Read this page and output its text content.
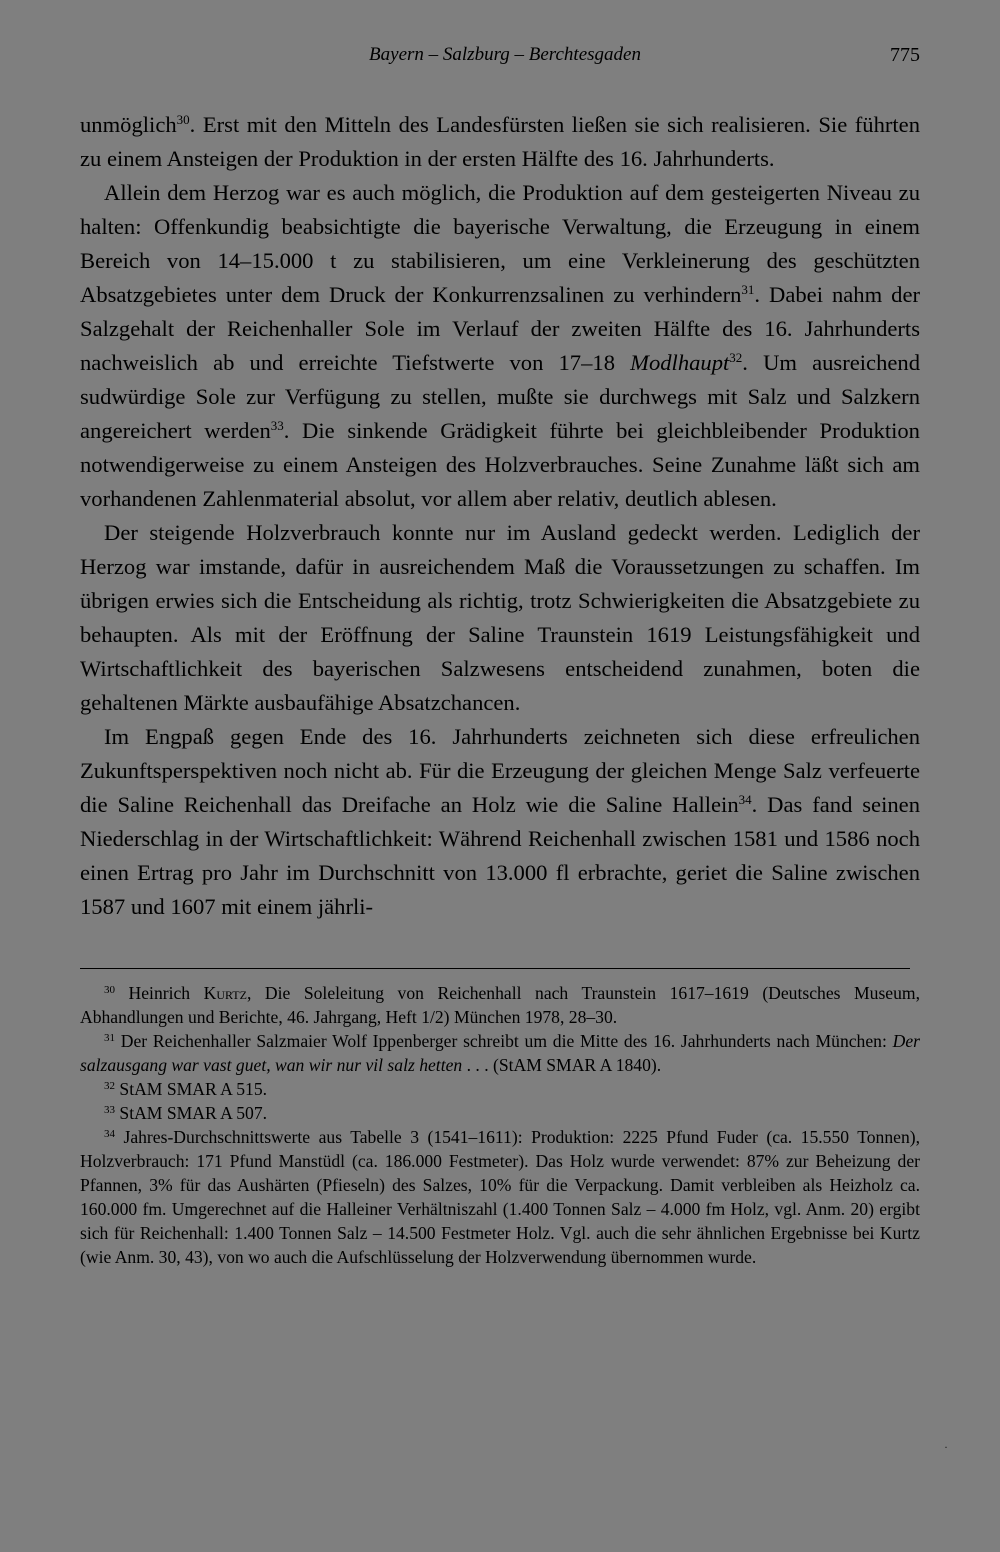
Bayern – Salzburg – Berchtesgaden	775

unmöglich$^{30}$. Erst mit den Mitteln des Landesfürsten ließen sie sich realisieren. Sie führten zu einem Ansteigen der Produktion in der ersten Hälfte des 16. Jahrhunderts.

Allein dem Herzog war es auch möglich, die Produktion auf dem gesteigerten Niveau zu halten: Offenkundig beabsichtigte die bayerische Verwaltung, die Erzeugung in einem Bereich von 14–15.000 t zu stabilisieren, um eine Verkleinerung des geschützten Absatzgebietes unter dem Druck der Konkurrenzsalinen zu verhindern$^{31}$. Dabei nahm der Salzgehalt der Reichenhaller Sole im Verlauf der zweiten Hälfte des 16. Jahrhunderts nachweislich ab und erreichte Tiefstwerte von 17–18 Modlhaupt$^{32}$. Um ausreichend sudwürdige Sole zur Verfügung zu stellen, mußte sie durchwegs mit Salz und Salzkern angereichert werden$^{33}$. Die sinkende Grädigkeit führte bei gleichbleibender Produktion notwendigerweise zu einem Ansteigen des Holzverbrauches. Seine Zunahme läßt sich am vorhandenen Zahlenmaterial absolut, vor allem aber relativ, deutlich ablesen.

Der steigende Holzverbrauch konnte nur im Ausland gedeckt werden. Lediglich der Herzog war imstande, dafür in ausreichendem Maß die Voraussetzungen zu schaffen. Im übrigen erwies sich die Entscheidung als richtig, trotz Schwierigkeiten die Absatzgebiete zu behaupten. Als mit der Eröffnung der Saline Traunstein 1619 Leistungsfähigkeit und Wirtschaftlichkeit des bayerischen Salzwesens entscheidend zunahmen, boten die gehaltenen Märkte ausbaufähige Absatzchancen.

Im Engpaß gegen Ende des 16. Jahrhunderts zeichneten sich diese erfreulichen Zukunftsperspektiven noch nicht ab. Für die Erzeugung der gleichen Menge Salz verfeuerte die Saline Reichenhall das Dreifache an Holz wie die Saline Hallein$^{34}$. Das fand seinen Niederschlag in der Wirtschaftlichkeit: Während Reichenhall zwischen 1581 und 1586 noch einen Ertrag pro Jahr im Durchschnitt von 13.000 fl erbrachte, geriet die Saline zwischen 1587 und 1607 mit einem jährli-

$^{30}$ Heinrich Kurtz, Die Soleleitung von Reichenhall nach Traunstein 1617–1619 (Deutsches Museum, Abhandlungen und Berichte, 46. Jahrgang, Heft 1/2) München 1978, 28–30.

$^{31}$ Der Reichenhaller Salzmaier Wolf Ippenberger schreibt um die Mitte des 16. Jahrhunderts nach München: Der salzausgang war vast guet, wan wir nur vil salz hetten . . . (StAM SMAR A 1840).

$^{32}$ StAM SMAR A 515.

$^{33}$ StAM SMAR A 507.

$^{34}$ Jahres-Durchschnittswerte aus Tabelle 3 (1541–1611): Produktion: 2225 Pfund Fuder (ca. 15.550 Tonnen), Holzverbrauch: 171 Pfund Manstüdl (ca. 186.000 Festmeter). Das Holz wurde verwendet: 87% zur Beheizung der Pfannen, 3% für das Aushärten (Pfieseln) des Salzes, 10% für die Verpackung. Damit verbleiben als Heizholz ca. 160.000 fm. Umgerechnet auf die Halleiner Verhältniszahl (1.400 Tonnen Salz – 4.000 fm Holz, vgl. Anm. 20) ergibt sich für Reichenhall: 1.400 Tonnen Salz – 14.500 Festmeter Holz. Vgl. auch die sehr ähnlichen Ergebnisse bei Kurtz (wie Anm. 30, 43), von wo auch die Aufschlüsselung der Holzverwendung übernommen wurde.

·
